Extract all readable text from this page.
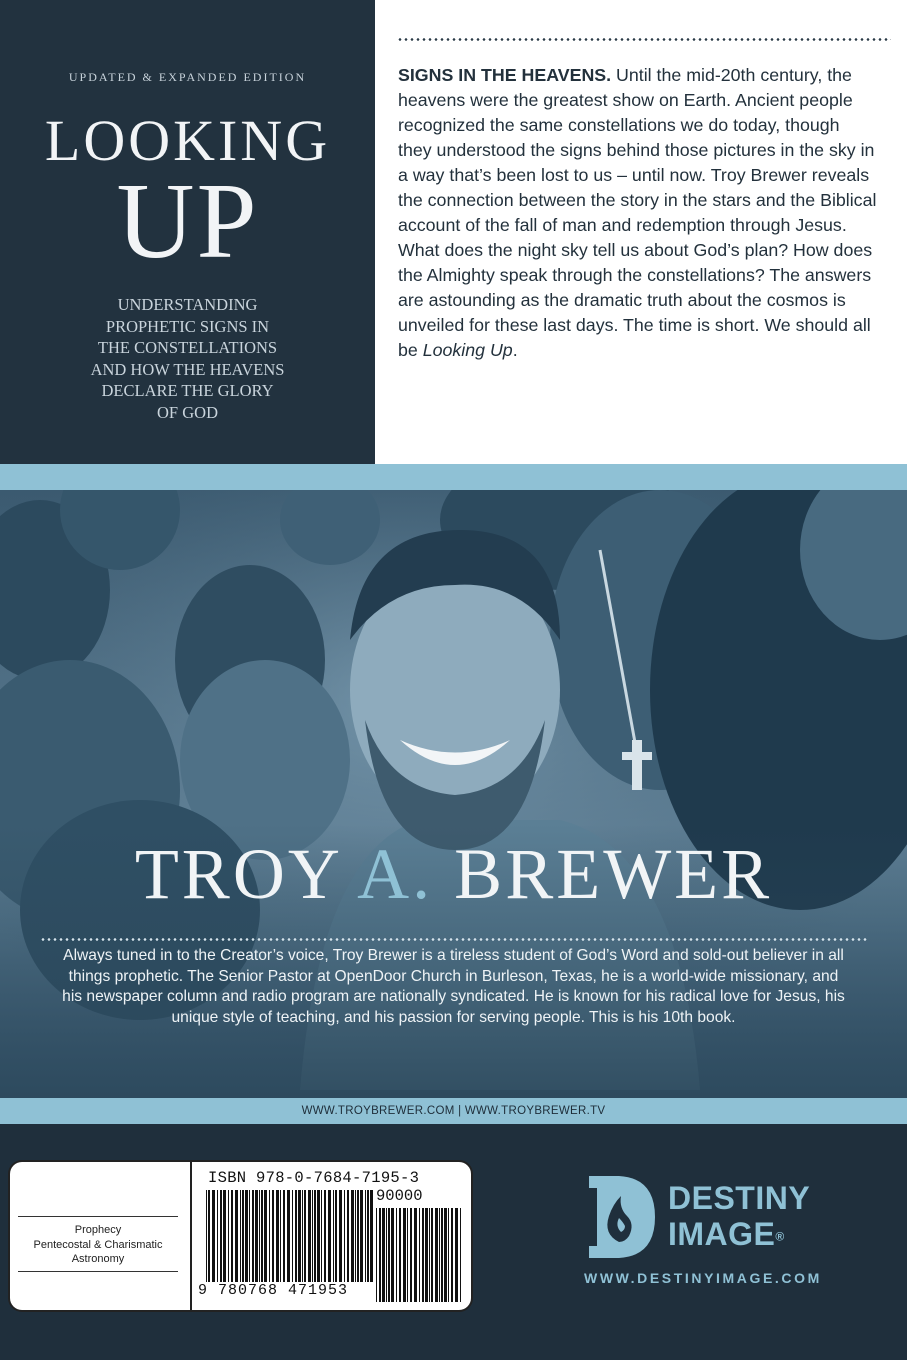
UPDATED & EXPANDED EDITION
LOOKING
UP
UNDERSTANDING
PROPHETIC SIGNS IN
THE CONSTELLATIONS
AND HOW THE HEAVENS
DECLARE THE GLORY
OF GOD

SIGNS IN THE HEAVENS. Until the mid-20th century, the heavens were the greatest show on Earth. Ancient people recognized the same constellations we do today, though they understood the signs behind those pictures in the sky in a way that’s been lost to us – until now. Troy Brewer reveals the connection between the story in the stars and the Biblical account of the fall of man and redemption through Jesus. What does the night sky tell us about God’s plan? How does the Almighty speak through the constellations? The answers are astounding as the dramatic truth about the cosmos is unveiled for these last days. The time is short. We should all be Looking Up.

TROY A. BREWER

Always tuned in to the Creator’s voice, Troy Brewer is a tireless student of God’s Word and sold-out believer in all things prophetic. The Senior Pastor at OpenDoor Church in Burleson, Texas, he is a world-wide missionary, and his newspaper column and radio program are nationally syndicated. He is known for his radical love for Jesus, his unique style of teaching, and his passion for serving people. This is his 10th book.

WWW.TROYBREWER.COM | WWW.TROYBREWER.TV
Prophecy
Pentecostal & Charismatic
Astronomy
ISBN 978-0-7684-7195-3
90000
9 780768 471953
DESTINY
IMAGE®
WWW.DESTINYIMAGE.COM
